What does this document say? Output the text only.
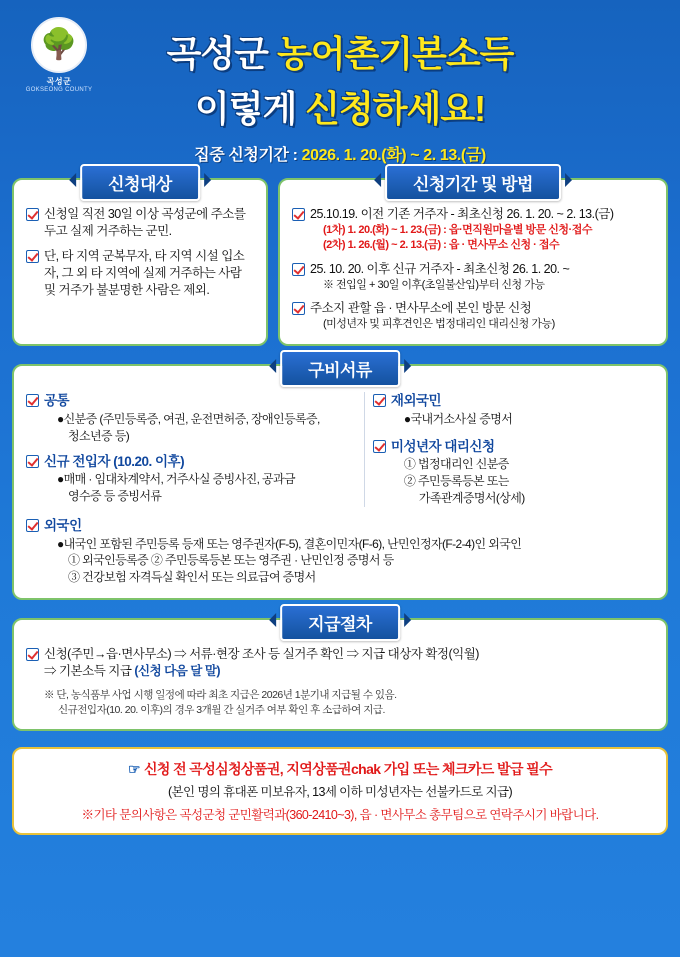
🌳
곡성군
GOKSEONG COUNTY
곡성군 농어촌기본소득
이렇게 신청하세요!
집중 신청기간 : 2026. 1. 20.(화) ~ 2. 13.(금)
신청대상
신청일 직전 30일 이상 곡성군에 주소를 두고 실제 거주하는 군민.
단, 타 지역 군복무자, 타 지역 시설 입소자, 그 외 타 지역에 실제 거주하는 사람 및 거주가 불분명한 사람은 제외.
신청기간 및 방법
25.10.19. 이전 기존 거주자 - 최초신청 26. 1. 20. ~ 2. 13.(금)
(1차) 1. 20.(화) ~ 1. 23.(금) : 읍·면직원마을별 방문 신청·접수
(2차) 1. 26.(월) ~ 2. 13.(금) : 읍 · 면사무소 신청 · 접수
25. 10. 20. 이후 신규 거주자 - 최초신청 26. 1. 20. ~
※ 전입일 + 30일 이후(초일불산입)부터 신청 가능
주소지 관할 읍 · 면사무소에 본인 방문 신청
(미성년자 및 피후견인은 법정대리인 대리신청 가능)
구비서류
공통
●신분증 (주민등록증, 여권, 운전면허증, 장애인등록증,
청소년증 등)
신규 전입자 (10.20. 이후)
●매매 · 임대차계약서, 거주사실 증빙사진, 공과금
영수증 등 증빙서류
재외국민
●국내거소사실 증명서
미성년자 대리신청
① 법정대리인 신분증
② 주민등록등본 또는
가족관계증명서(상세)
외국인
●내국인 포함된 주민등록 등재 또는 영주권자(F-5), 결혼이민자(F-6), 난민인정자(F-2-4)인 외국인
① 외국인등록증 ② 주민등록등본 또는 영주권 · 난민인정 증명서 등
③ 건강보험 자격득실 확인서 또는 의료급여 증명서
지급절차
신청(주민→읍·면사무소) ⇒ 서류·현장 조사 등 실거주 확인 ⇒ 지급 대상자 확정(익월)
⇒ 기본소득 지급 (신청 다음 달 말)
※ 단, 농식품부 사업 시행 일정에 따라 최초 지급은 2026년 1분기내 지급될 수 있음.
신규전입자(10. 20. 이후)의 경우 3개월 간 실거주 여부 확인 후 소급하여 지급.
☞ 신청 전 곡성심청상품권, 지역상품권chak 가입 또는 체크카드 발급 필수
(본인 명의 휴대폰 미보유자, 13세 이하 미성년자는 선불카드로 지급)
※기타 문의사항은 곡성군청 군민활력과(360-2410~3), 읍 · 면사무소 총무팀으로 연락주시기 바랍니다.
